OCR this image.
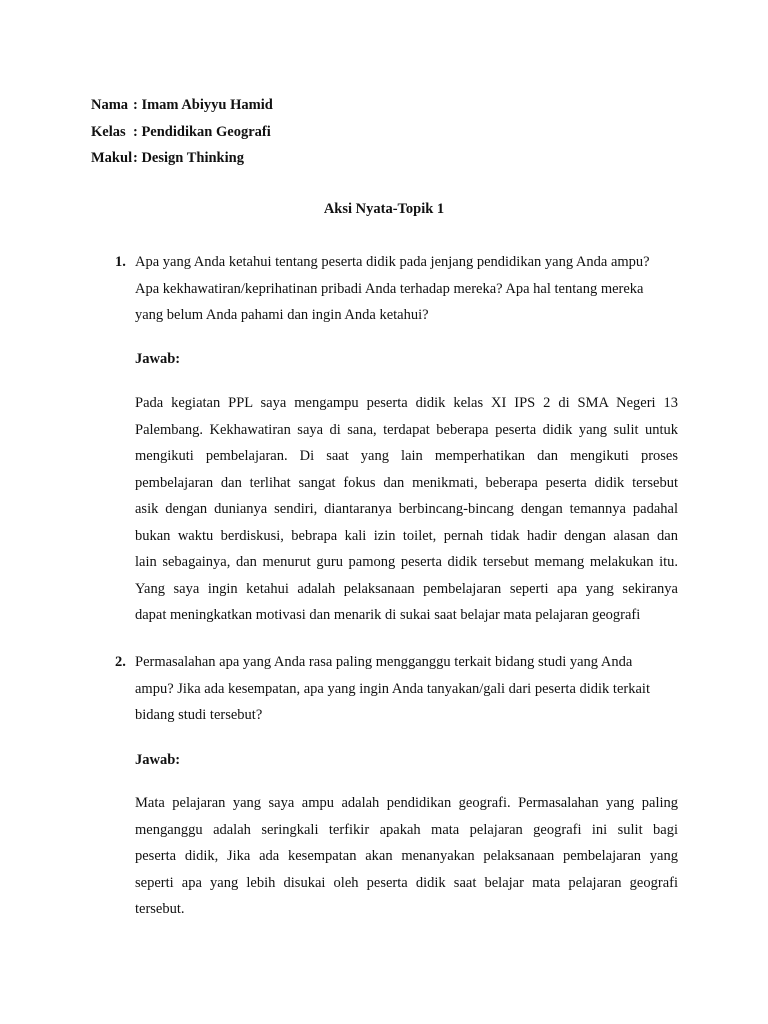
Nama : Imam Abiyyu Hamid
Kelas : Pendidikan Geografi
Makul : Design Thinking
Aksi Nyata-Topik 1
1. Apa yang Anda ketahui tentang peserta didik pada jenjang pendidikan yang Anda ampu?
Apa kekhawatiran/keprihatinan pribadi Anda terhadap mereka? Apa hal tentang mereka
yang belum Anda pahami dan ingin Anda ketahui?
Jawab:
Pada kegiatan PPL saya mengampu peserta didik kelas XI IPS 2 di SMA Negeri 13
Palembang. Kekhawatiran saya di sana, terdapat beberapa peserta didik yang sulit untuk
mengikuti pembelajaran. Di saat yang lain memperhatikan dan mengikuti proses
pembelajaran dan terlihat sangat fokus dan menikmati, beberapa peserta didik tersebut
asik dengan dunianya sendiri, diantaranya berbincang-bincang dengan temannya padahal
bukan waktu berdiskusi, bebrapa kali izin toilet, pernah tidak hadir dengan alasan dan
lain sebagainya, dan menurut guru pamong peserta didik tersebut memang melakukan itu.
Yang saya ingin ketahui adalah pelaksanaan pembelajaran seperti apa yang sekiranya
dapat meningkatkan motivasi dan menarik di sukai saat belajar mata pelajaran geografi
2. Permasalahan apa yang Anda rasa paling mengganggu terkait bidang studi yang Anda
ampu? Jika ada kesempatan, apa yang ingin Anda tanyakan/gali dari peserta didik terkait
bidang studi tersebut?
Jawab:
Mata pelajaran yang saya ampu adalah pendidikan geografi. Permasalahan yang paling
menganggu adalah seringkali terfikir apakah mata pelajaran geografi ini sulit bagi
peserta didik, Jika ada kesempatan akan menanyakan pelaksanaan pembelajaran yang
seperti apa yang lebih disukai oleh peserta didik saat belajar mata pelajaran geografi
tersebut.
